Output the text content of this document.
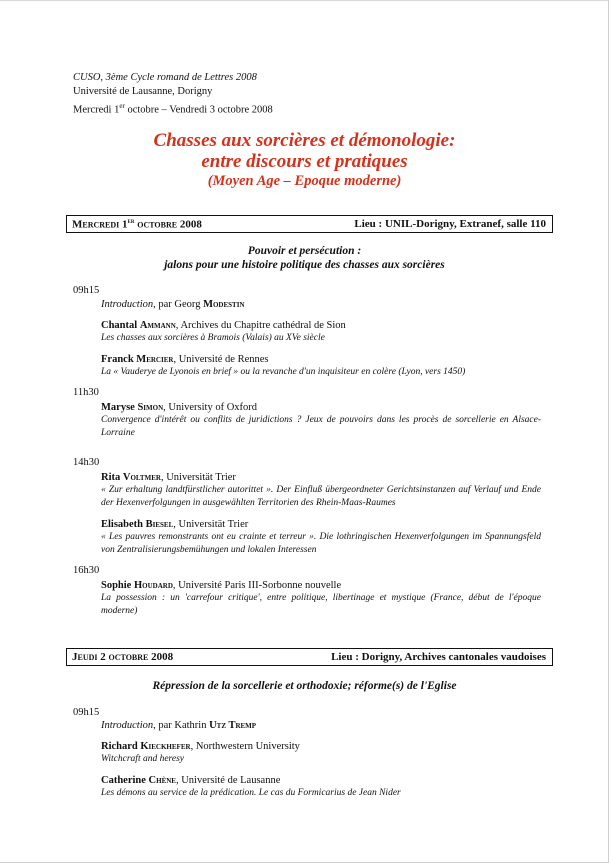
CUSO, 3ème Cycle romand de Lettres 2008
Université de Lausanne, Dorigny
Mercredi 1er octobre – Vendredi 3 octobre 2008
Chasses aux sorcières et démonologie:
entre discours et pratiques
(Moyen Age – Epoque moderne)
Mercredi 1er octobre 2008	Lieu : UNIL-Dorigny, Extranef, salle 110
Pouvoir et persécution :
jalons pour une histoire politique des chasses aux sorcières
09h15
Introduction, par Georg Modestin
Chantal Ammann, Archives du Chapitre cathédral de Sion
Les chasses aux sorcières à Bramois (Valais) au XVe siècle
Franck Mercier, Université de Rennes
La « Vauderye de Lyonois en brief » ou la revanche d'un inquisiteur en colère (Lyon, vers 1450)
11h30
Maryse Simon, University of Oxford
Convergence d'intérêt ou conflits de juridictions ? Jeux de pouvoirs dans les procès de sorcellerie en Alsace-Lorraine
14h30
Rita Voltmer, Universität Trier
« Zur erhaltung landtfürstlicher autorittet ». Der Einfluß übergeordneter Gerichtsinstanzen auf Verlauf und Ende der Hexenverfolgungen in ausgewählten Territorien des Rhein-Maas-Raumes
Elisabeth Biesel, Universität Trier
« Les pauvres remonstrants ont eu crainte et terreur ». Die lothringischen Hexenverfolgungen im Spannungsfeld von Zentralisierungsbemühungen und lokalen Interessen
16h30
Sophie Houdard, Université Paris III-Sorbonne nouvelle
La possession : un 'carrefour critique', entre politique, libertinage et mystique (France, début de l'époque moderne)
Jeudi 2 octobre 2008	Lieu : Dorigny, Archives cantonales vaudoises
Répression de la sorcellerie et orthodoxie; réforme(s) de l'Eglise
09h15
Introduction, par Kathrin Utz Tremp
Richard Kieckhefer, Northwestern University
Witchcraft and heresy
Catherine Chène, Université de Lausanne
Les démons au service de la prédication. Le cas du Formicarius de Jean Nider
